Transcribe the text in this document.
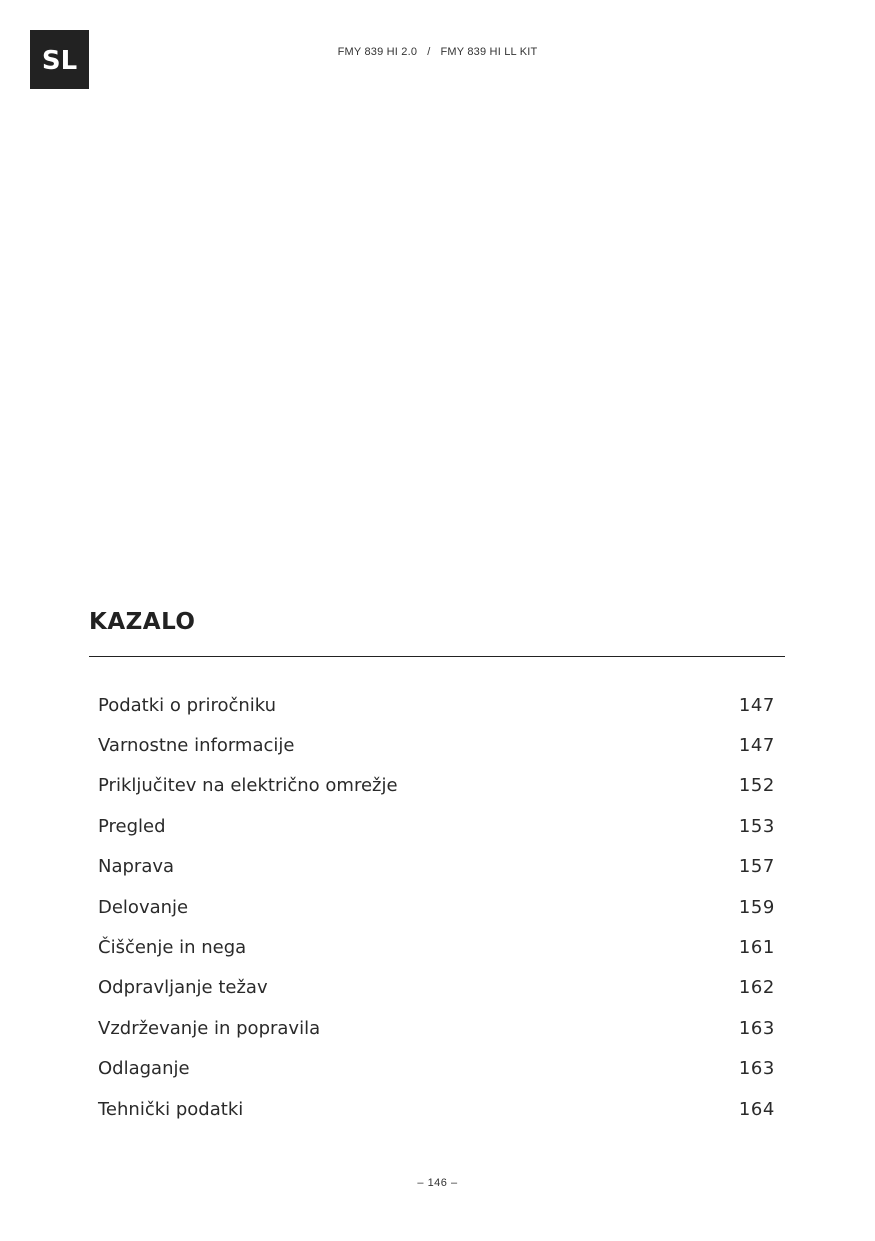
SL	FMY 839 HI 2.0 / FMY 839 HI LL KIT
KAZALO
Podatki o priročniku	147
Varnostne informacije	147
Priključitev na električno omrežje	152
Pregled	153
Naprava	157
Delovanje	159
Čiščenje in nega	161
Odpravljanje težav	162
Vzdrževanje in popravila	163
Odlaganje	163
Tehnički podatki	164
– 146 –
